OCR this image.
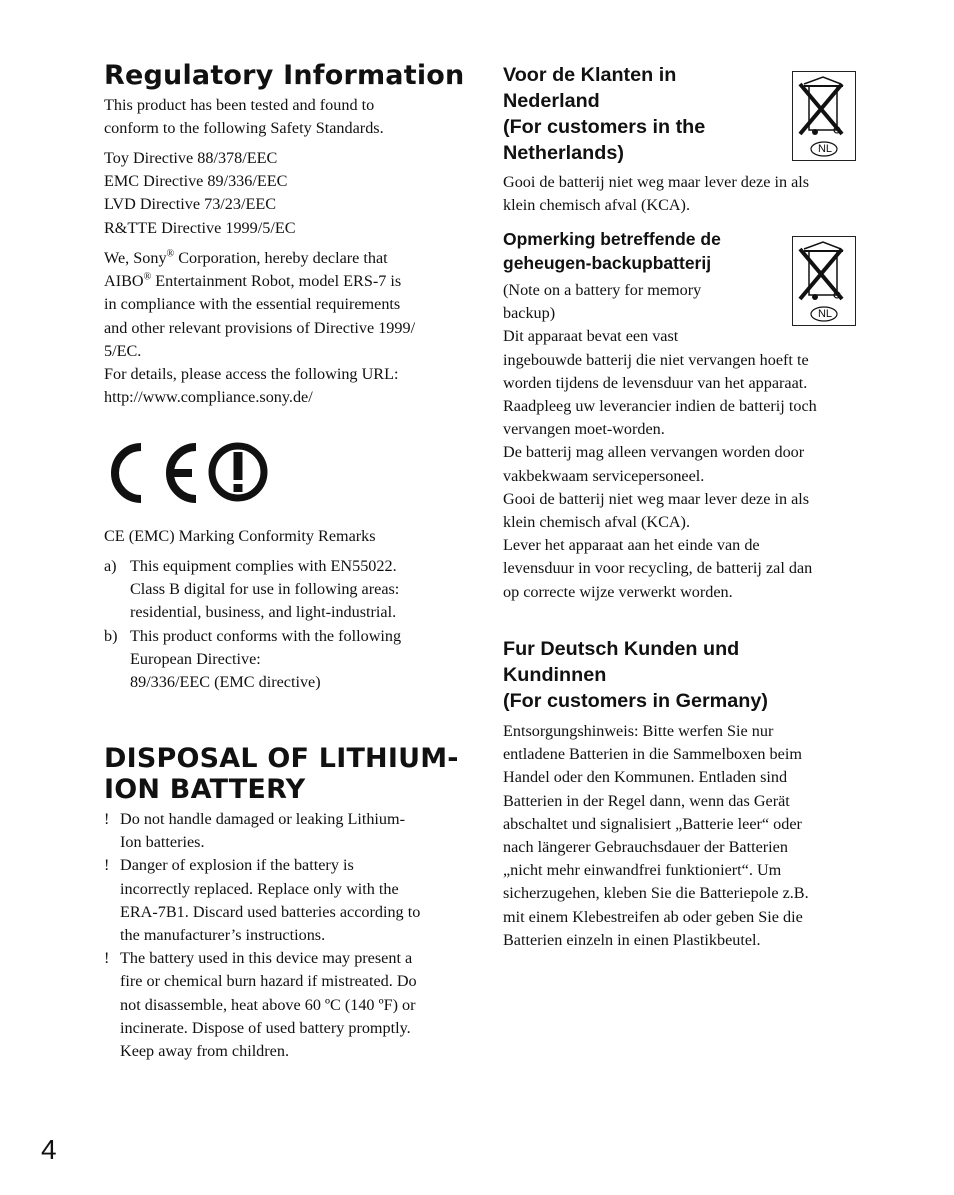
Regulatory Information
This product has been tested and found to
conform to the following Safety Standards.
Toy Directive 88/378/EEC
EMC Directive 89/336/EEC
LVD Directive 73/23/EEC
R&TTE Directive 1999/5/EC
We, Sony® Corporation, hereby declare that
AIBO® Entertainment Robot, model ERS-7 is
in compliance with the essential requirements
and other relevant provisions of Directive 1999/
5/EC.
For details, please access the following URL:
http://www.compliance.sony.de/
CE (EMC) Marking Conformity Remarks
a) This equipment complies with EN55022.
Class B digital for use in following areas:
residential, business, and light-industrial.
b) This product conforms with the following
European Directive:
89/336/EEC (EMC directive)
DISPOSAL OF LITHIUM-
ION BATTERY
! Do not handle damaged or leaking Lithium-
Ion batteries.
! Danger of explosion if the battery is
incorrectly replaced. Replace only with the
ERA-7B1. Discard used batteries according to
the manufacturer’s instructions.
! The battery used in this device may present a
fire or chemical burn hazard if mistreated. Do
not disassemble, heat above 60 ºC (140 ºF) or
incinerate. Dispose of used battery promptly.
Keep away from children.
Voor de Klanten in
Nederland
(For customers in the
Netherlands)	NL
Gooi de batterij niet weg maar lever deze in als
klein chemisch afval (KCA).
Opmerking betreffende de
geheugen-backupbatterij
NL
(Note on a battery for memory
backup)
Dit apparaat bevat een vast
ingebouwde batterij die niet vervangen hoeft te
worden tijdens de levensduur van het apparaat.
Raadpleeg uw leverancier indien de batterij toch
vervangen moet-worden.
De batterij mag alleen vervangen worden door
vakbekwaam servicepersoneel.
Gooi de batterij niet weg maar lever deze in als
klein chemisch afval (KCA).
Lever het apparaat aan het einde van de
levensduur in voor recycling, de batterij zal dan
op correcte wijze verwerkt worden.
Fur Deutsch Kunden und
Kundinnen
(For customers in Germany)
Entsorgungshinweis: Bitte werfen Sie nur
entladene Batterien in die Sammelboxen beim
Handel oder den Kommunen. Entladen sind
Batterien in der Regel dann, wenn das Gerät
abschaltet und signalisiert „Batterie leer“ oder
nach längerer Gebrauchsdauer der Batterien
„nicht mehr einwandfrei funktioniert“. Um
sicherzugehen, kleben Sie die Batteriepole z.B.
mit einem Klebestreifen ab oder geben Sie die
Batterien einzeln in einen Plastikbeutel.
4
